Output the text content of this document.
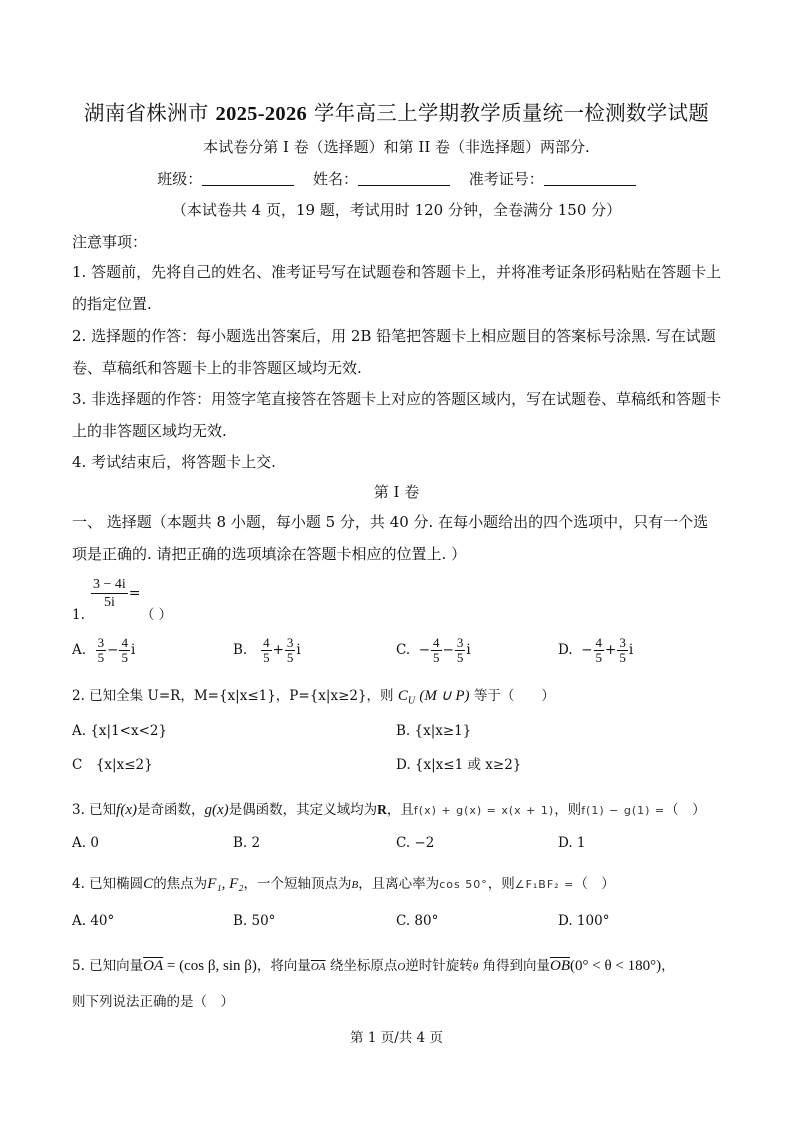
湖南省株洲市 2025-2026 学年高三上学期教学质量统一检测数学试题
本试卷分第 I 卷（选择题）和第 II 卷（非选择题）两部分.
班级：	姓名：	准考证号：
（本试卷共 4 页，19 题，考试用时 120 分钟，全卷满分 150 分）
注意事项：
1. 答题前，先将自己的姓名、准考证号写在试题卷和答题卡上，并将准考证条形码粘贴在答题卡上的指定位置.
2. 选择题的作答：每小题选出答案后，用 2B 铅笔把答题卡上相应题目的答案标号涂黑. 写在试题卷、草稿纸和答题卡上的非答题区域均无效.
3. 非选择题的作答：用签字笔直接答在答题卡上对应的答题区域内，写在试题卷、草稿纸和答题卡上的非答题区域均无效.
4. 考试结束后，将答题卡上交.
第 I 卷
一、 选择题（本题共 8 小题，每小题 5 分，共 40 分. 在每小题给出的四个选项中，只有一个选项是正确的. 请把正确的选项填涂在答题卡相应的位置上. ）
$\frac{3 - 4i}{5i}$ =
1.	（ ）
A. $\frac{3}{5} - \frac{4}{5}$ i	B. $\frac{4}{5} + \frac{3}{5}$ i	C. − $\frac{4}{5} - \frac{3}{5}$ i	D. − $\frac{4}{5} + \frac{3}{5}$ i
2. 已知全集 U=R，M={x|x≤1}，P={x|x≥2}，则 $C_U$ (M ∪ P) 等于（　　）
A. {x|1<x<2}	B. {x|x≥1}
C　{x|x≤2}	D. {x|x≤1 或 x≥2}
3. 已知f(x)是奇函数，g(x)是偶函数，其定义域均为R，且f(x) + g(x) = x(x + 1)，则f(1) − g(1) =（　）
A. 0	B. 2	C. −2	D. 1
4. 已知椭圆C的焦点为F₁, F₂，一个短轴顶点为B，且离心率为cos 50°，则∠F₁BF₂ =（　）
A. 40°	B. 50°	C. 80°	D. 100°
5. 已知向量$\overline{OA} = (\cos$ β, sin β)，将向量$\overline{OA}$ 绕坐标原点O逆时针旋转θ 角得到向量$\overline{OB}(0^\circ < \theta < 180^\circ)$，
则下列说法正确的是（　）
第 1 页/共 4 页
